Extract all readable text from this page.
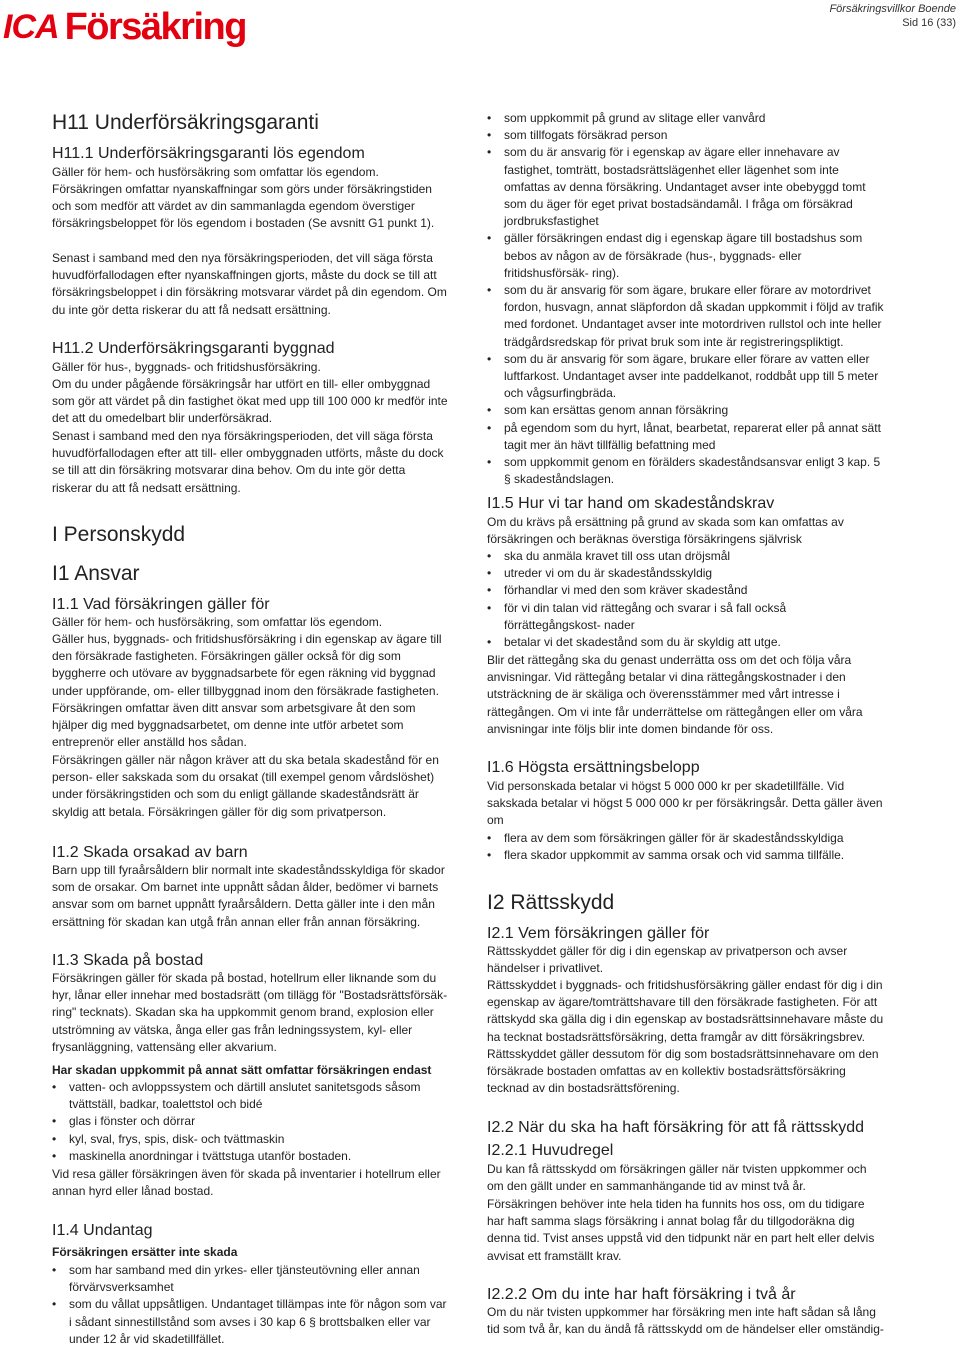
ICA Försäkring	Försäkringsvillkor Boende
Sid 16 (33)
H11 Underförsäkringsgaranti
H11.1 Underförsäkringsgaranti lös egendom

Gäller för hem- och husförsäkring som omfattar lös egendom.

Försäkringen omfattar nyanskaffningar som görs under försäkringstiden och som medför att värdet av din sammanlagda egendom överstiger försäkringsbeloppet för lös egendom i bostaden (Se avsnitt G1 punkt 1).

Senast i samband med den nya försäkringsperioden, det vill säga första huvudförfallodagen efter nyanskaffningen gjorts, måste du dock se till att försäkringsbeloppet i din försäkring motsvarar värdet på din egendom. Om du inte gör detta riskerar du att få nedsatt ersättning.

H11.2 Underförsäkringsgaranti byggnad

Gäller för hus-, byggnads- och fritidshusförsäkring.

Om du under pågående försäkringsår har utfört en till- eller ombyggnad som gör att värdet på din fastighet ökat med upp till 100 000 kr medför inte det att du omedelbart blir underförsäkrad.

Senast i samband med den nya försäkringsperioden, det vill säga första huvudförfallodagen efter att till- eller ombyggnaden utförts, måste du dock se till att din försäkring motsvarar dina behov. Om du inte gör detta riskerar du att få nedsatt ersättning.

I Personskydd
I1 Ansvar
I1.1 Vad försäkringen gäller för

Gäller för hem- och husförsäkring, som omfattar lös egendom.

Gäller hus, byggnads- och fritidshusförsäkring i din egenskap av ägare till den försäkrade fastigheten. Försäkringen gäller också för dig som byggherre och utövare av byggnadsarbete för egen räkning vid byggnad under uppförande, om- eller tillbyggnad inom den försäkrade fastigheten. Försäkringen omfattar även ditt ansvar som arbetsgivare åt den som hjälper dig med byggnadsarbetet, om denne inte utför arbetet som entreprenör eller anställd hos sådan.

Försäkringen gäller när någon kräver att du ska betala skadestånd för en person- eller sakskada som du orsakat (till exempel genom vårdslöshet) under försäkringstiden och som du enligt gällande skadeståndsrätt är skyldig att betala. Försäkringen gäller för dig som privatperson.

I1.2 Skada orsakad av barn

Barn upp till fyraårsåldern blir normalt inte skadeståndsskyldiga för skador som de orsakar. Om barnet inte uppnått sådan ålder, bedömer vi barnets ansvar som om barnet uppnått fyraårsåldern. Detta gäller inte i den mån ersättning för skadan kan utgå från annan eller från annan försäkring.

I1.3 Skada på bostad

Försäkringen gäller för skada på bostad, hotellrum eller liknande som du hyr, lånar eller innehar med bostadsrätt (om tillägg för "Bostadsrättsförsäk- ring" tecknats). Skadan ska ha uppkommit genom brand, explosion eller utströmning av vätska, ånga eller gas från ledningssystem, kyl- eller frysanläggning, vattensäng eller akvarium.

Har skadan uppkommit på annat sätt omfattar försäkringen endast

• vatten- och avloppssystem och därtill anslutet sanitetsgods såsom tvättställ, badkar, toalettstol och bidé
• glas i fönster och dörrar
• kyl, sval, frys, spis, disk- och tvättmaskin
• maskinella anordningar i tvättstuga utanför bostaden.

Vid resa gäller försäkringen även för skada på inventarier i hotellrum eller annan hyrd eller lånad bostad.

I1.4 Undantag

Försäkringen ersätter inte skada

• som har samband med din yrkes- eller tjänsteutövning eller annan förvärvsverksamhet
• som du vållat uppsåtligen. Undantaget tillämpas inte för någon som var i sådant sinnestillstånd som avses i 30 kap 6 § brottsbalken eller var under 12 år vid skadetillfället.
• som uppkommit på grund av slitage eller vanvård
• som tillfogats försäkrad person
• som du är ansvarig för i egenskap av ägare eller innehavare av fastighet, tomträtt, bostadsrättslägenhet eller lägenhet som inte omfattas av denna försäkring. Undantaget avser inte obebyggd tomt som du äger för eget privat bostadsändamål. I fråga om försäkrad jordbruksfastighet
• gäller försäkringen endast dig i egenskap ägare till bostadshus som bebos av någon av de försäkrade (hus-, byggnads- eller fritidshusförsäk- ring).
• som du är ansvarig för som ägare, brukare eller förare av motordrivet fordon, husvagn, annat släpfordon då skadan uppkommit i följd av trafik med fordonet. Undantaget avser inte motordriven rullstol och inte heller trädgårdsredskap för privat bruk som inte är registreringspliktigt.
• som du är ansvarig för som ägare, brukare eller förare av vatten eller luftfarkost. Undantaget avser inte paddelkanot, roddbåt upp till 5 meter och vågsurfingbräda.
• som kan ersättas genom annan försäkring
• på egendom som du hyrt, lånat, bearbetat, reparerat eller på annat sätt tagit mer än hävt tillfällig befattning med
• som uppkommit genom en förälders skadeståndsansvar enligt 3 kap. 5 § skadeståndslagen.
I1.5 Hur vi tar hand om skadeståndskrav

Om du krävs på ersättning på grund av skada som kan omfattas av försäkringen och beräknas överstiga försäkringens självrisk

• ska du anmäla kravet till oss utan dröjsmål
• utreder vi om du är skadeståndsskyldig
• förhandlar vi med den som kräver skadestånd
• för vi din talan vid rättegång och svarar i så fall också förrättegångskost- nader
• betalar vi det skadestånd som du är skyldig att utge.

Blir det rättegång ska du genast underrätta oss om det och följa våra anvisningar. Vid rättegång betalar vi dina rättegångskostnader i den utsträckning de är skäliga och överensstämmer med vårt intresse i rättegången. Om vi inte får underrättelse om rättegången eller om våra anvisningar inte följs blir inte domen bindande för oss.

I1.6 Högsta ersättningsbelopp

Vid personskada betalar vi högst 5 000 000 kr per skadetillfälle. Vid sakskada betalar vi högst 5 000 000 kr per försäkringsår. Detta gäller även om

• flera av dem som försäkringen gäller för är skadeståndsskyldiga
• flera skador uppkommit av samma orsak och vid samma tillfälle.
I2 Rättsskydd
I2.1 Vem försäkringen gäller för

Rättsskyddet gäller för dig i din egenskap av privatperson och avser händelser i privatlivet.

Rättsskyddet i byggnads- och fritidshusförsäkring gäller endast för dig i din egenskap av ägare/tomträttshavare till den försäkrade fastigheten. För att rättskydd ska gälla dig i din egenskap av bostadsrättsinnehavare måste du ha tecknat bostadsrättsförsäkring, detta framgår av ditt försäkringsbrev. Rättsskyddet gäller dessutom för dig som bostadsrättsinnehavare om den försäkrade bostaden omfattas av en kollektiv bostadsrättsförsäkring tecknad av din bostadsrättsförening.

I2.2 När du ska ha haft försäkring för att få rättsskydd
I2.2.1 Huvudregel

Du kan få rättsskydd om försäkringen gäller när tvisten uppkommer och om den gällt under en sammanhängande tid av minst två år.

Försäkringen behöver inte hela tiden ha funnits hos oss, om du tidigare har haft samma slags försäkring i annat bolag får du tillgodoräkna dig denna tid. Tvist anses uppstå vid den tidpunkt när en part helt eller delvis avvisat ett framställt krav.

I2.2.2 Om du inte har haft försäkring i två år

Om du när tvisten uppkommer har försäkring men inte haft sådan så lång tid som två år, kan du ändå få rättsskydd om de händelser eller omständig-
